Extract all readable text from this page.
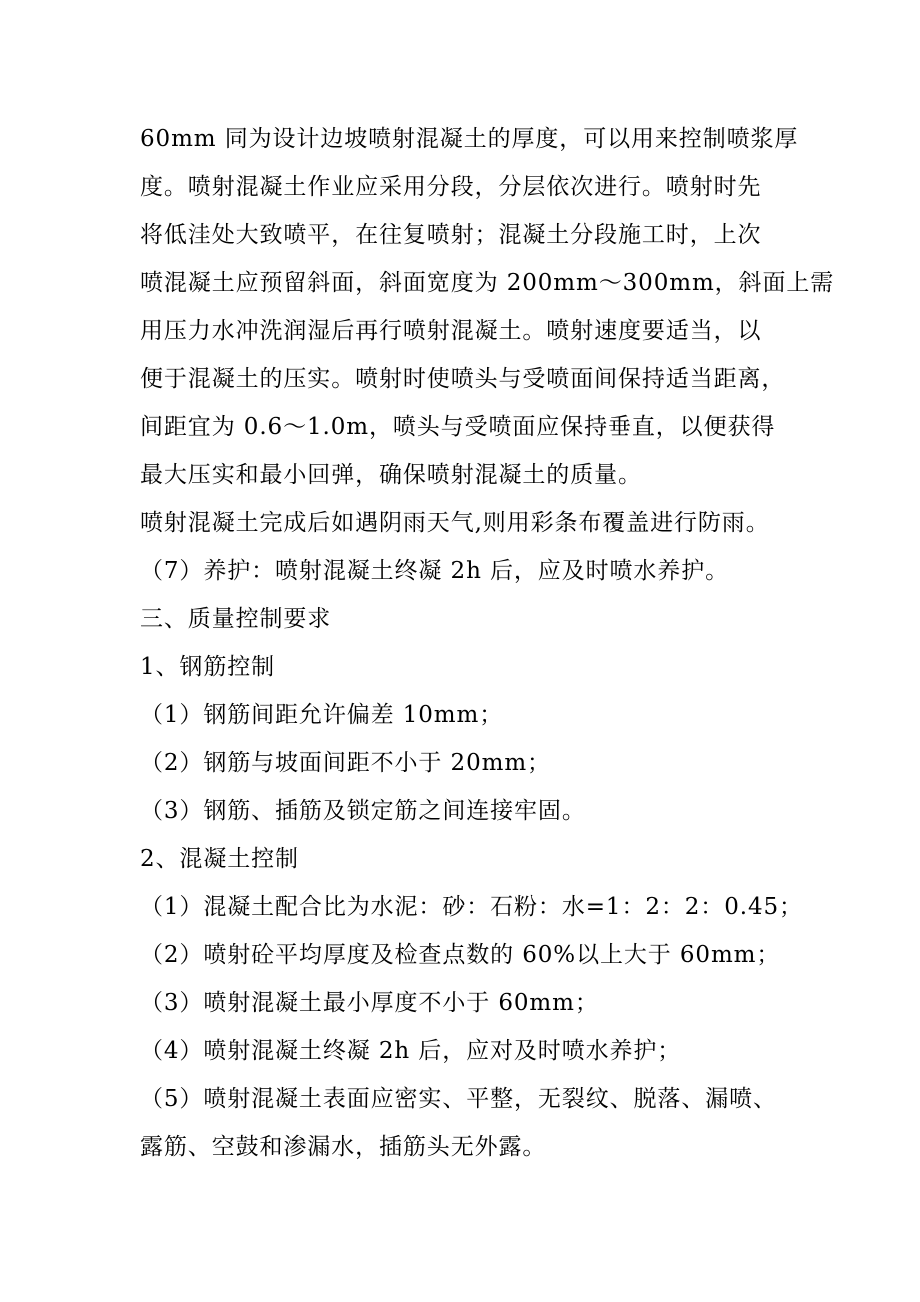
60mm 同为设计边坡喷射混凝土的厚度，可以用来控制喷浆厚
度。喷射混凝土作业应采用分段，分层依次进行。喷射时先
将低洼处大致喷平，在往复喷射；混凝土分段施工时，上次
喷混凝土应预留斜面，斜面宽度为 200mm～300mm，斜面上需
用压力水冲洗润湿后再行喷射混凝土。喷射速度要适当，以
便于混凝土的压实。喷射时使喷头与受喷面间保持适当距离，
间距宜为 0.6～1.0m，喷头与受喷面应保持垂直，以便获得
最大压实和最小回弹，确保喷射混凝土的质量。
喷射混凝土完成后如遇阴雨天气,则用彩条布覆盖进行防雨。
（7）养护：喷射混凝土终凝 2h 后，应及时喷水养护。
三、质量控制要求
1、钢筋控制
（1）钢筋间距允许偏差 10mm；
（2）钢筋与坡面间距不小于 20mm；
（3）钢筋、插筋及锁定筋之间连接牢固。
2、混凝土控制
（1）混凝土配合比为水泥：砂：石粉：水=1：2：2：0.45；
（2）喷射砼平均厚度及检查点数的 60%以上大于 60mm；
（3）喷射混凝土最小厚度不小于 60mm；
（4）喷射混凝土终凝 2h 后，应对及时喷水养护；
（5）喷射混凝土表面应密实、平整，无裂纹、脱落、漏喷、
露筋、空鼓和渗漏水，插筋头无外露。
